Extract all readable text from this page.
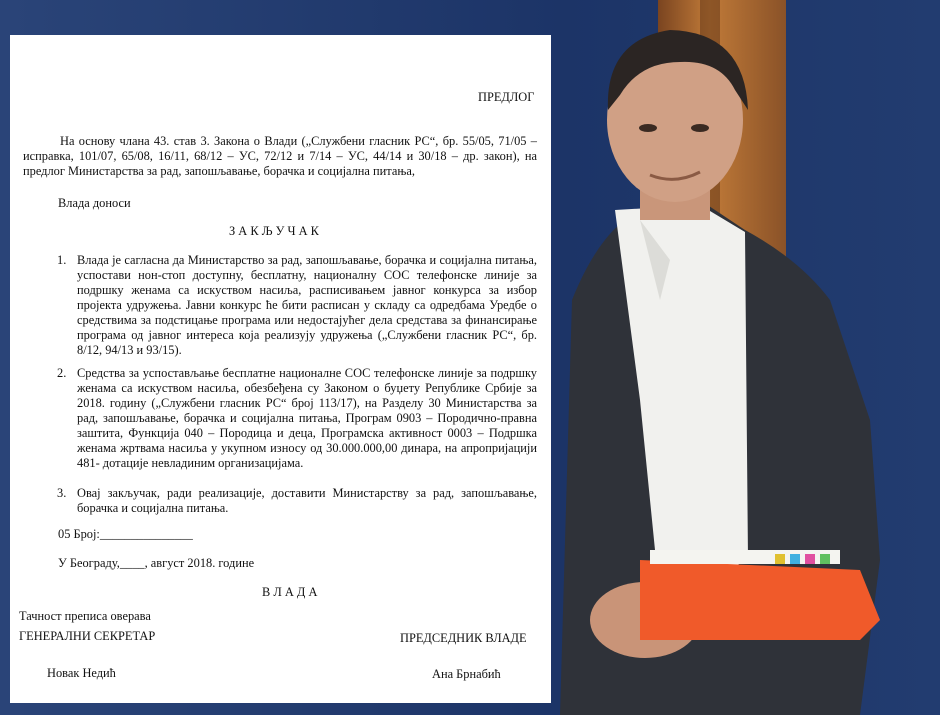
ПРЕДЛОГ
На основу члана 43. став 3. Закона о Влади („Службени гласник РС“, бр. 55/05, 71/05 – исправка, 101/07, 65/08, 16/11, 68/12 – УС, 72/12 и 7/14 – УС, 44/14 и 30/18 – др. закон), на предлог Министарства за рад, запошљавање, борачка и социјална питања,
Влада доноси
З А К Љ У Ч А К
1. Влада је сагласна да Министарство за рад, запошљавање, борачка и социјална питања, успостави нон-стоп доступну, бесплатну, националну СОС телефонске линије за подршку женама са искуством насиља, расписивањем јавног конкурса за избор пројекта удружења. Јавни конкурс ће бити расписан у складу са одредбама Уредбе о средствима за подстицање програма или недостајућег дела средстава за финансирање програма од јавног интереса која реализују удружења („Службени гласник РС“, бр. 8/12, 94/13 и 93/15).
2. Средства за успостављање бесплатне националне СОС телефонске линије за подршку женама са искуством насиља, обезбеђена су Законом о буџету Републике Србије за 2018. годину („Службени гласник РС“ број 113/17), на Разделу 30 Министарства за рад, запошљавање, борачка и социјална питања, Програм 0903 – Породично-правна заштита, Функција 040 – Породица и деца, Програмска активност 0003 – Подршка женама жртвама насиља у укупном износу од 30.000.000,00 динара, на апропријацији 481- дотације невладиним организацијама.
3. Овај закључак, ради реализације, доставити Министарству за рад, запошљавање, борачка и социјална питања.
05 Број:_______________
У Београду,____, август 2018. године
В Л А Д А
Тачност преписа оверава
ГЕНЕРАЛНИ СЕКРЕТАР	ПРЕДСЕДНИК ВЛАДЕ
Новак Недић	Ана Брнабић
